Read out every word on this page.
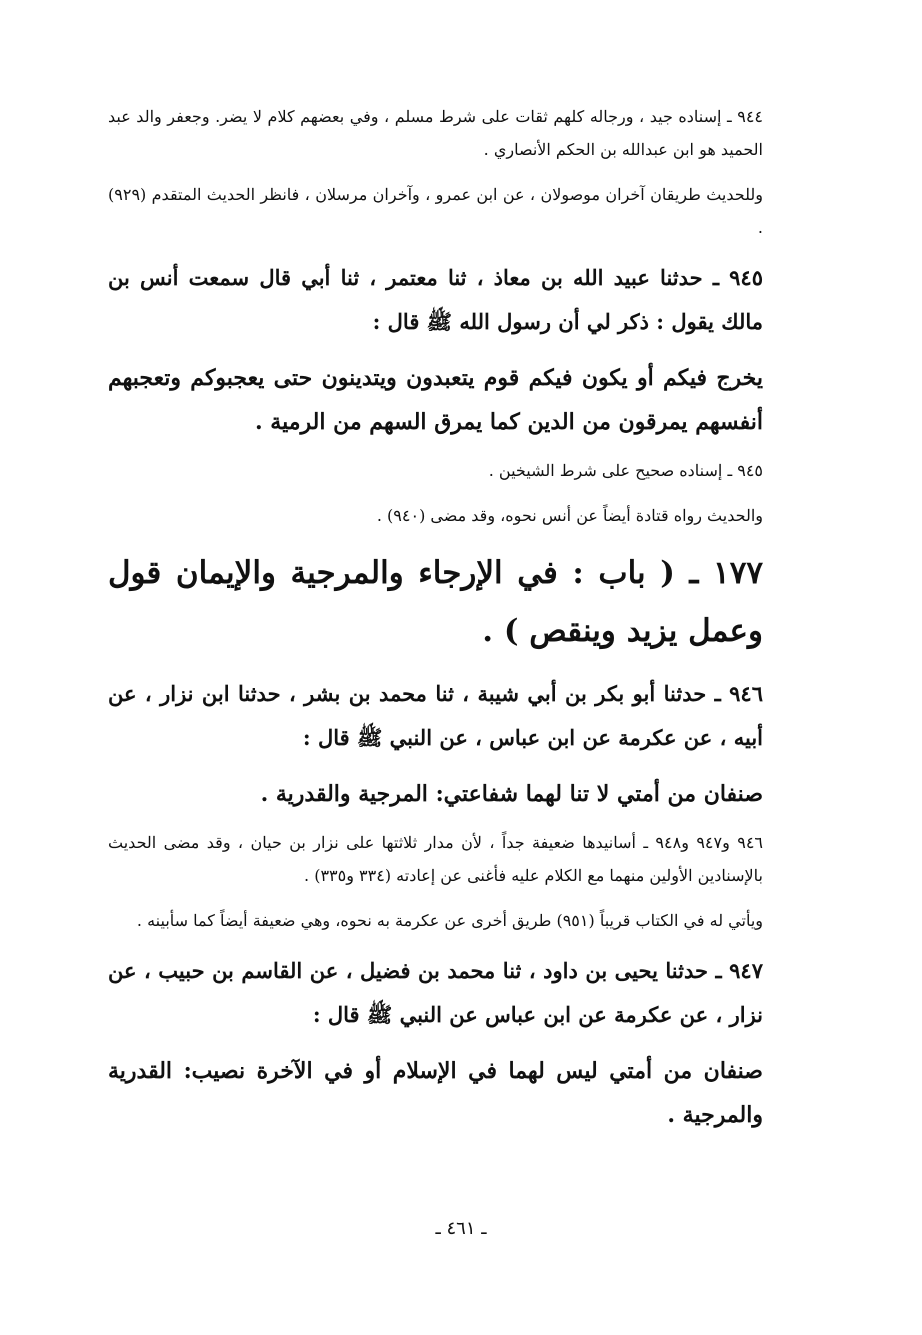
٩٤٤ ـ إسناده جيد ، ورجاله كلهم ثقات على شرط مسلم ، وفي بعضهم كلام لا يضر. وجعفر والد عبد الحميد هو ابن عبدالله بن الحكم الأنصاري .

وللحديث طريقان آخران موصولان ، عن ابن عمرو ، وآخران مرسلان ، فانظر الحديث المتقدم (٩٢٩) .

٩٤٥ ـ حدثنا عبيد الله بن معاذ ، ثنا معتمر ، ثنا أبي قال سمعت أنس بن مالك يقول : ذكر لي أن رسول الله ﷺ قال :

يخرج فيكم أو يكون فيكم قوم يتعبدون ويتدينون حتى يعجبوكم وتعجبهم أنفسهم يمرقون من الدين كما يمرق السهم من الرمية .

٩٤٥ ـ إسناده صحيح على شرط الشيخين .

والحديث رواه قتادة أيضاً عن أنس نحوه، وقد مضى (٩٤٠) .

١٧٧ ـ ( باب : في الإرجاء والمرجية والإيمان قول وعمل يزيد وينقص ) .

٩٤٦ ـ حدثنا أبو بكر بن أبي شيبة ، ثنا محمد بن بشر ، حدثنا ابن نزار ، عن أبيه ، عن عكرمة عن ابن عباس ، عن النبي ﷺ قال :

صنفان من أمتي لا تنا لهما شفاعتي: المرجية والقدرية .

٩٤٦ و٩٤٧ و٩٤٨ ـ أسانيدها ضعيفة جداً ، لأن مدار ثلاثتها على نزار بن حيان ، وقد مضى الحديث بالإسنادين الأولين منهما مع الكلام عليه فأغنى عن إعادته (٣٣٤ و٣٣٥) .

ويأتي له في الكتاب قريباً (٩٥١) طريق أخرى عن عكرمة به نحوه، وهي ضعيفة أيضاً كما سأبينه .

٩٤٧ ـ حدثنا يحيى بن داود ، ثنا محمد بن فضيل ، عن القاسم بن حبيب ، عن نزار ، عن عكرمة عن ابن عباس عن النبي ﷺ قال :

صنفان من أمتي ليس لهما في الإسلام أو في الآخرة نصيب: القدرية والمرجية .

ـ ٤٦١ ـ
